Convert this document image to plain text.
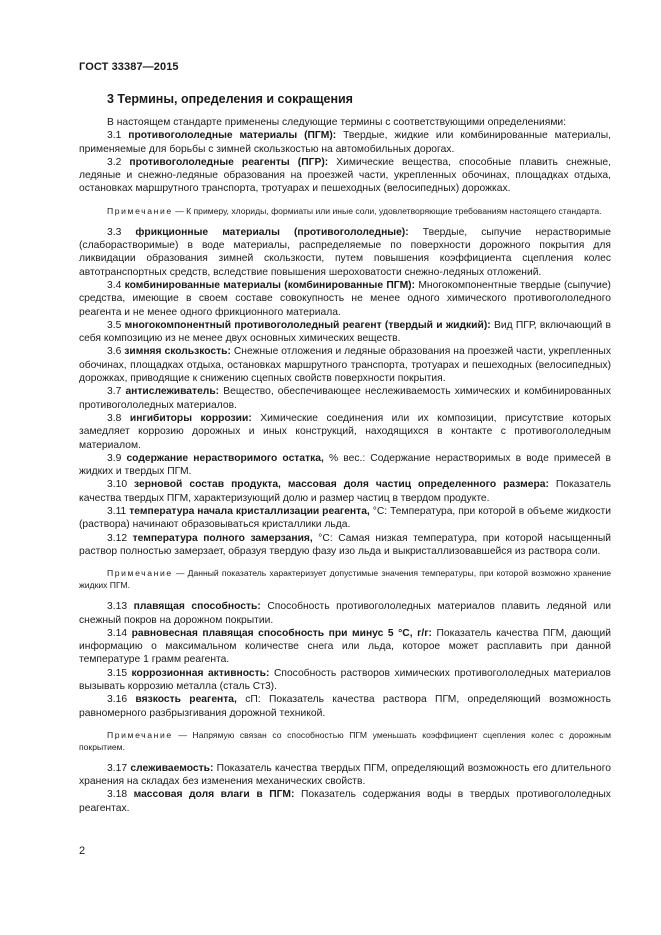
ГОСТ 33387—2015
3 Термины, определения и сокращения

В настоящем стандарте применены следующие термины с соответствующими определениями:

3.1 противогололедные материалы (ПГМ): Твердые, жидкие или комбинированные материалы, применяемые для борьбы с зимней скользкостью на автомобильных дорогах.

3.2 противогололедные реагенты (ПГР): Химические вещества, способные плавить снежные, ледяные и снежно-ледяные образования на проезжей части, укрепленных обочинах, площадках отдыха, остановках маршрутного транспорта, тротуарах и пешеходных (велосипедных) дорожках.

Примечание — К примеру, хлориды, формиаты или иные соли, удовлетворяющие требованиям настоящего стандарта.

3.3 фрикционные материалы (противогололедные): Твердые, сыпучие нерастворимые (слаборастворимые) в воде материалы, распределяемые по поверхности дорожного покрытия для ликвидации образования зимней скользкости, путем повышения коэффициента сцепления колес автотранспортных средств, вследствие повышения шероховатости снежно-ледяных отложений.

3.4 комбинированные материалы (комбинированные ПГМ): Многокомпонентные твердые (сыпучие) средства, имеющие в своем составе совокупность не менее одного химического противогололедного реагента и не менее одного фрикционного материала.

3.5 многокомпонентный противогололедный реагент (твердый и жидкий): Вид ПГР, включающий в себя композицию из не менее двух основных химических веществ.

3.6 зимняя скользкость: Снежные отложения и ледяные образования на проезжей части, укрепленных обочинах, площадках отдыха, остановках маршрутного транспорта, тротуарах и пешеходных (велосипедных) дорожках, приводящие к снижению сцепных свойств поверхности покрытия.

3.7 антислеживатель: Вещество, обеспечивающее неслеживаемость химических и комбинированных противогололедных материалов.

3.8 ингибиторы коррозии: Химические соединения или их композиции, присутствие которых замедляет коррозию дорожных и иных конструкций, находящихся в контакте с противогололедным материалом.

3.9 содержание нерастворимого остатка, % вес.: Содержание нерастворимых в воде примесей в жидких и твердых ПГМ.

3.10 зерновой состав продукта, массовая доля частиц определенного размера: Показатель качества твердых ПГМ, характеризующий долю и размер частиц в твердом продукте.

3.11 температура начала кристаллизации реагента, °С: Температура, при которой в объеме жидкости (раствора) начинают образовываться кристаллики льда.

3.12 температура полного замерзания, °С: Самая низкая температура, при которой насыщенный раствор полностью замерзает, образуя твердую фазу изо льда и выкристаллизовавшейся из раствора соли.

Примечание — Данный показатель характеризует допустимые значения температуры, при которой возможно хранение жидких ПГМ.

3.13 плавящая способность: Способность противогололедных материалов плавить ледяной или снежный покров на дорожном покрытии.

3.14 равновесная плавящая способность при минус 5 °С, г/г: Показатель качества ПГМ, дающий информацию о максимальном количестве снега или льда, которое может расплавить при данной температуре 1 грамм реагента.

3.15 коррозионная активность: Способность растворов химических противогололедных материалов вызывать коррозию металла (сталь Ст3).

3.16 вязкость реагента, сП: Показатель качества раствора ПГМ, определяющий возможность равномерного разбрызгивания дорожной техникой.

Примечание — Напрямую связан со способностью ПГМ уменьшать коэффициент сцепления колес с дорожным покрытием.

3.17 слеживаемость: Показатель качества твердых ПГМ, определяющий возможность его длительного хранения на складах без изменения механических свойств.

3.18 массовая доля влаги в ПГМ: Показатель содержания воды в твердых противогололедных реагентах.

2
